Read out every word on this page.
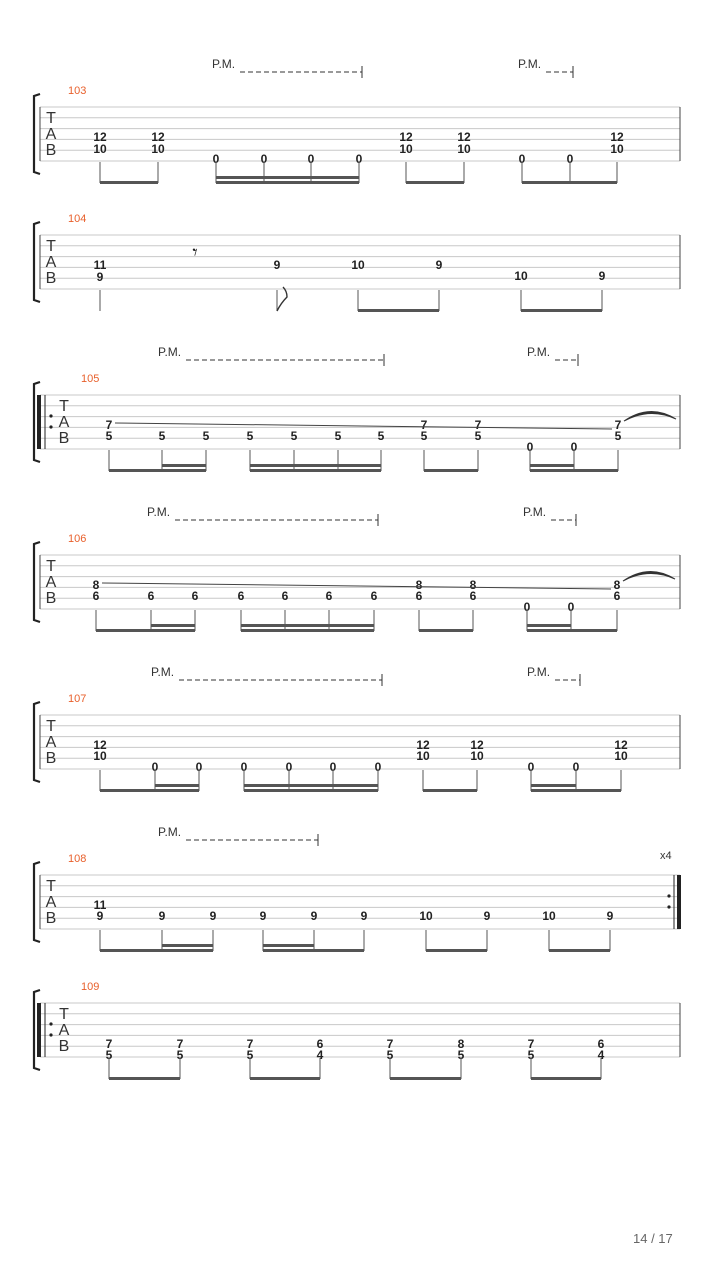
T
A
B
103
P.M.	P.M.
12
10
12
10
0	0	0	0
12
10
12
10
0	0
12
10
T
A
B
104
11
9
𝄾
9	10	9
10	9
T
A
B
105
P.M.	P.M.
7
5	5	5	5	5	5	5
7
5
7
5
0	0
7
5
T
A
B
106
P.M.	P.M.
8
6	6	6	6	6	6	6
8
6
8
6
0	0
8
6
T
A
B
107
P.M.	P.M.
12
10
0	0	0	0	0	0
12
10
12
10
0	0
12
10
x4
T
A
B
108
P.M.
11
9	9	9	9	9	9	10	9	10	9
T
A
B
109
7
5
7
5
7
5
6
4
7
5
8
5
7
5
6
4
14 / 17
